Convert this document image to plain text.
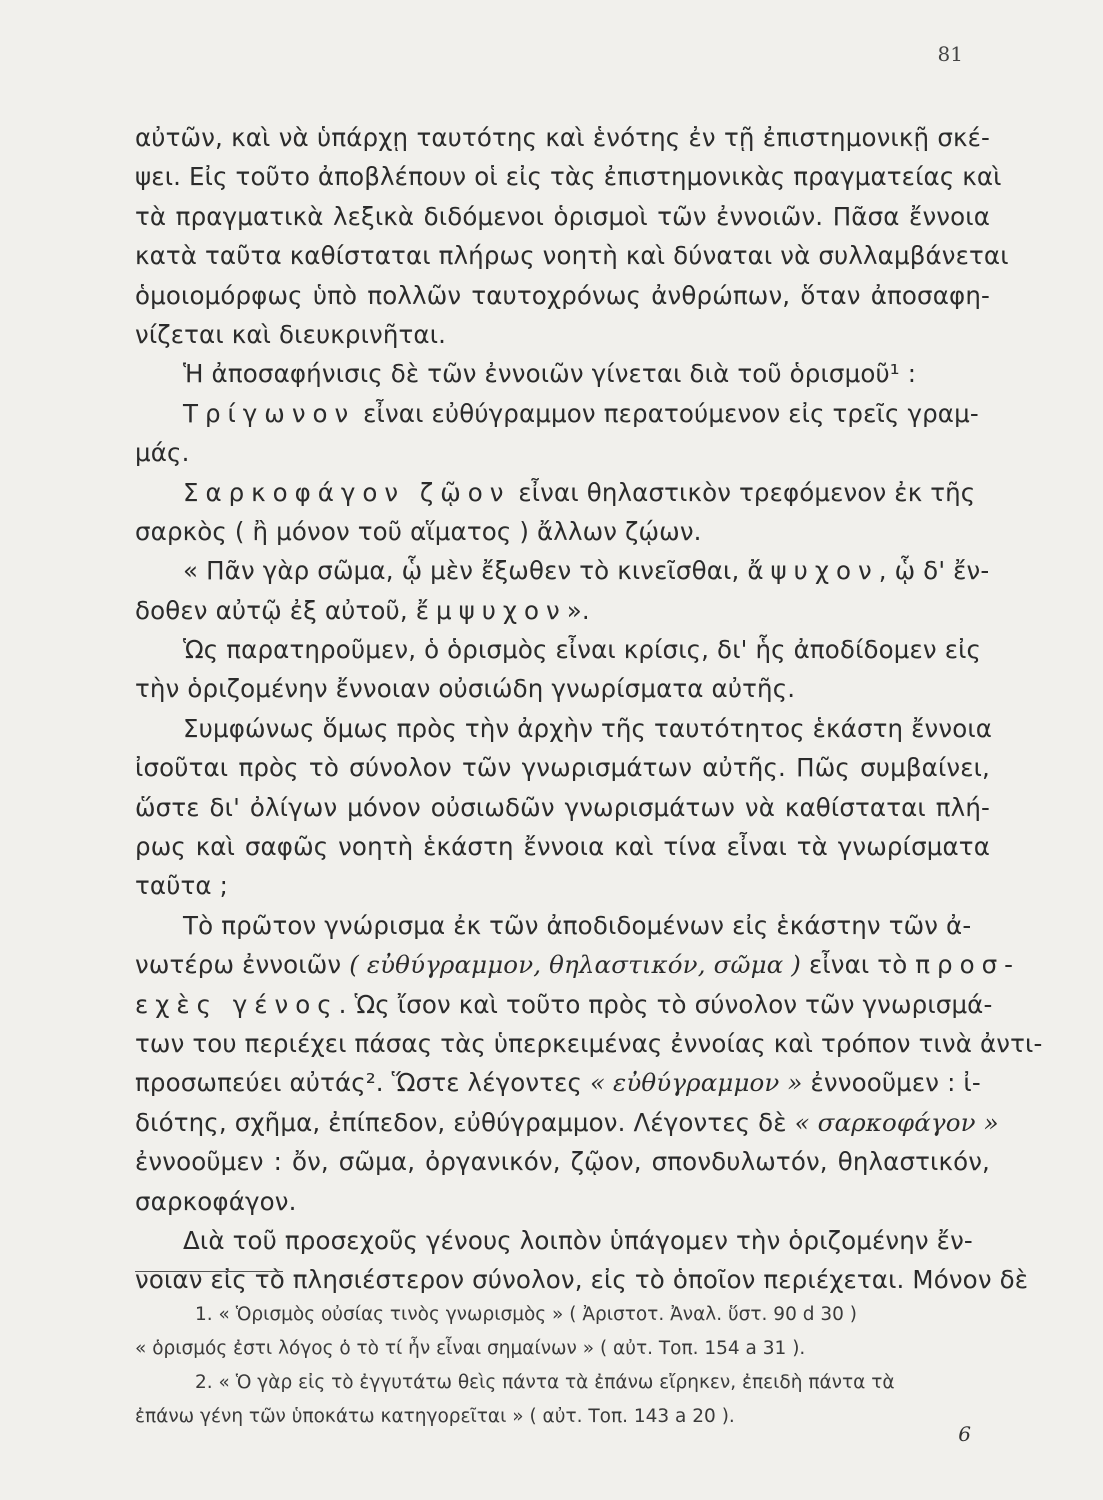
81
αὐτῶν, καὶ νὰ ὑπάρχῃ ταυτότης καὶ ἑνότης ἐν τῇ ἐπιστημονικῇ σκέ-
ψει. Εἰς τοῦτο ἀποβλέπουν οἱ εἰς τὰς ἐπιστημονικὰς πραγματείας καὶ
τὰ πραγματικὰ λεξικὰ διδόμενοι ὁρισμοὶ τῶν ἐννοιῶν. Πᾶσα ἔννοια
κατὰ ταῦτα καθίσταται πλήρως νοητὴ καὶ δύναται νὰ συλλαμβάνεται
ὁμοιομόρφως ὑπὸ πολλῶν ταυτοχρόνως ἀνθρώπων, ὅταν ἀποσαφη-
νίζεται καὶ διευκρινῆται.
Ἡ ἀποσαφήνισις δὲ τῶν ἐννοιῶν γίνεται διὰ τοῦ ὁρισμοῦ¹ :
Τρίγωνον εἶναι εὐθύγραμμον περατούμενον εἰς τρεῖς γραμ-
μάς.
Σαρκοφάγον ζῷον εἶναι θηλαστικὸν τρεφόμενον ἐκ τῆς
σαρκὸς ( ἢ μόνον τοῦ αἵματος ) ἄλλων ζῴων.
« Πᾶν γὰρ σῶμα, ᾧ μὲν ἔξωθεν τὸ κινεῖσθαι, ἄψυχον, ᾧ δ' ἔν-
δοθεν αὐτῷ ἐξ αὐτοῦ, ἔμψυχον».
Ὡς παρατηροῦμεν, ὁ ὁρισμὸς εἶναι κρίσις, δι' ἧς ἀποδίδομεν εἰς
τὴν ὁριζομένην ἔννοιαν οὐσιώδη γνωρίσματα αὐτῆς.
Συμφώνως ὅμως πρὸς τὴν ἀρχὴν τῆς ταυτότητος ἑκάστη ἔννοια
ἰσοῦται πρὸς τὸ σύνολον τῶν γνωρισμάτων αὐτῆς. Πῶς συμβαίνει,
ὥστε δι' ὀλίγων μόνον οὐσιωδῶν γνωρισμάτων νὰ καθίσταται πλή-
ρως καὶ σαφῶς νοητὴ ἑκάστη ἔννοια καὶ τίνα εἶναι τὰ γνωρίσματα
ταῦτα ;
Τὸ πρῶτον γνώρισμα ἐκ τῶν ἀποδιδομένων εἰς ἑκάστην τῶν ἀ-
νωτέρω ἐννοιῶν ( εὐθύγραμμον, θηλαστικόν, σῶμα ) εἶναι τὸ προσ-
εχὲς γένος. Ὡς ἴσον καὶ τοῦτο πρὸς τὸ σύνολον τῶν γνωρισμά-
των του περιέχει πάσας τὰς ὑπερκειμένας ἐννοίας καὶ τρόπον τινὰ ἀντι-
προσωπεύει αὐτάς². Ὥστε λέγοντες « εὐθύγραμμον » ἐννοοῦμεν : ἰ-
διότης, σχῆμα, ἐπίπεδον, εὐθύγραμμον. Λέγοντες δὲ « σαρκοφάγον »
ἐννοοῦμεν : ὄν, σῶμα, ὀργανικόν, ζῷον, σπονδυλωτόν, θηλαστικόν,
σαρκοφάγον.
Διὰ τοῦ προσεχοῦς γένους λοιπὸν ὑπάγομεν τὴν ὁριζομένην ἔν-
νοιαν εἰς τὸ πλησιέστερον σύνολον, εἰς τὸ ὁποῖον περιέχεται. Μόνον δὲ
1. « Ὁρισμὸς οὐσίας τινὸς γνωρισμὸς » ( Ἀριστοτ. Ἀναλ. ὕστ. 90 d 30 )
« ὁρισμός ἐστι λόγος ὁ τὸ τί ἦν εἶναι σημαίνων » ( αὐτ. Τοπ. 154 a 31 ).
2. « Ὁ γὰρ εἰς τὸ ἐγγυτάτω θεὶς πάντα τὰ ἐπάνω εἴρηκεν, ἐπειδὴ πάντα τὰ
ἐπάνω γένη τῶν ὑποκάτω κατηγορεῖται » ( αὐτ. Τοπ. 143 a 20 ).
6
